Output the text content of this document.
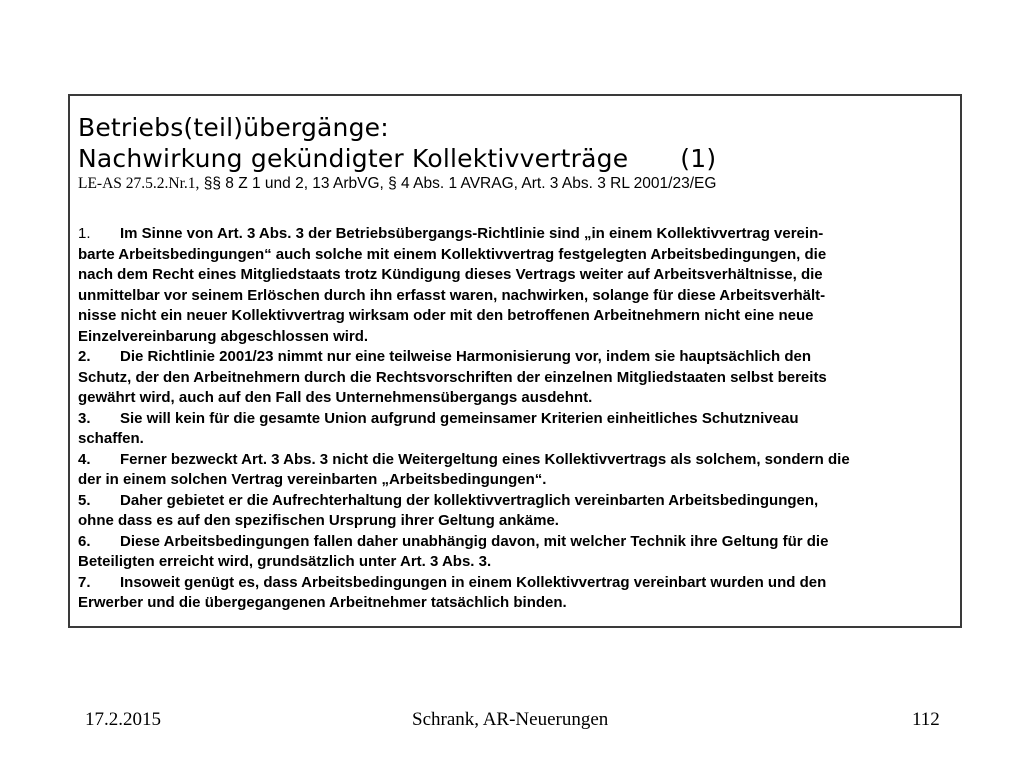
Betriebs(teil)übergänge:
Nachwirkung gekündigter Kollektivverträge (1)
LE-AS 27.5.2.Nr.1, §§ 8 Z 1 und 2, 13 ArbVG, § 4 Abs. 1 AVRAG, Art. 3 Abs. 3 RL 2001/23/EG
1. Im Sinne von Art. 3 Abs. 3 der Betriebsübergangs-Richtlinie sind „in einem Kollektivvertrag verein-
barte Arbeitsbedingungen“ auch solche mit einem Kollektivvertrag festgelegten Arbeitsbedingungen, die
nach dem Recht eines Mitgliedstaats trotz Kündigung dieses Vertrags weiter auf Arbeitsverhältnisse, die
unmittelbar vor seinem Erlöschen durch ihn erfasst waren, nachwirken, solange für diese Arbeitsverhält-
nisse nicht ein neuer Kollektivvertrag wirksam oder mit den betroffenen Arbeitnehmern nicht eine neue
Einzelvereinbarung abgeschlossen wird.
2. Die Richtlinie 2001/23 nimmt nur eine teilweise Harmonisierung vor, indem sie hauptsächlich den
Schutz, der den Arbeitnehmern durch die Rechtsvorschriften der einzelnen Mitgliedstaaten selbst bereits
gewährt wird, auch auf den Fall des Unternehmensübergangs ausdehnt.
3. Sie will kein für die gesamte Union aufgrund gemeinsamer Kriterien einheitliches Schutzniveau
schaffen.
4. Ferner bezweckt Art. 3 Abs. 3 nicht die Weitergeltung eines Kollektivvertrags als solchem, sondern die
der in einem solchen Vertrag vereinbarten „Arbeitsbedingungen“.
5. Daher gebietet er die Aufrechterhaltung der kollektivvertraglich vereinbarten Arbeitsbedingungen,
ohne dass es auf den spezifischen Ursprung ihrer Geltung ankäme.
6. Diese Arbeitsbedingungen fallen daher unabhängig davon, mit welcher Technik ihre Geltung für die
Beteiligten erreicht wird, grundsätzlich unter Art. 3 Abs. 3.
7. Insoweit genügt es, dass Arbeitsbedingungen in einem Kollektivvertrag vereinbart wurden und den
Erwerber und die übergegangenen Arbeitnehmer tatsächlich binden.
17.2.2015	Schrank, AR-Neuerungen	112
